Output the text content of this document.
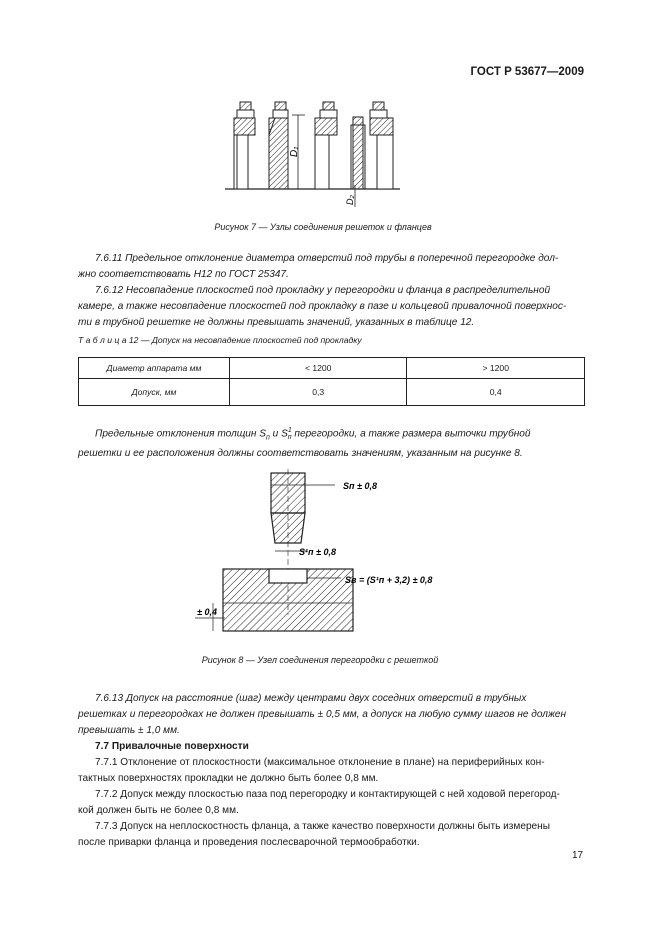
ГОСТ Р 53677—2009
D₁
D₂
Рисунок 7 — Узлы соединения решеток и фланцев
7.6.11 Предельное отклонение диаметра отверстий под трубы в поперечной перегородке дол-
жно соответствовать Н12 по ГОСТ 25347.
7.6.12 Несовпадение плоскостей под прокладку у перегородки и фланца в распределительной
камере, а также несовпадение плоскостей под прокладку в пазе и кольцевой привалочной поверхнос-
ти в трубной решетке не должны превышать значений, указанных в таблице 12.
Т а б л и ц а 12 — Допуск на несовпадение плоскостей под прокладку
Диаметр аппарата мм	< 1200	> 1200
Допуск, мм	0,3	0,4
Предельные отклонения толщин $S_п$ и $S^1_п$ перегородки, а также размера выточки трубной
решетки и ее расположения должны соответствовать значениям, указанным на рисунке 8.
Sп ± 0,8
S¹п ± 0,8
Sв = (S¹п + 3,2) ± 0,8
± 0,4
Рисунок 8 — Узел соединения перегородки с решеткой
7.6.13 Допуск на расстояние (шаг) между центрами двух соседних отверстий в трубных
решетках и перегородках не должен превышать ± 0,5 мм, а допуск на любую сумму шагов не должен
превышать ± 1,0 мм.
7.7 Привалочные поверхности
7.7.1 Отклонение от плоскостности (максимальное отклонение в плане) на периферийных кон-
тактных поверхностях прокладки не должно быть более 0,8 мм.
7.7.2 Допуск между плоскостью паза под перегородку и контактирующей с ней ходовой перегород-
кой должен быть не более 0,8 мм.
7.7.3 Допуск на неплоскостность фланца, а также качество поверхности должны быть измерены
после приварки фланца и проведения послесварочной термообработки.
17
